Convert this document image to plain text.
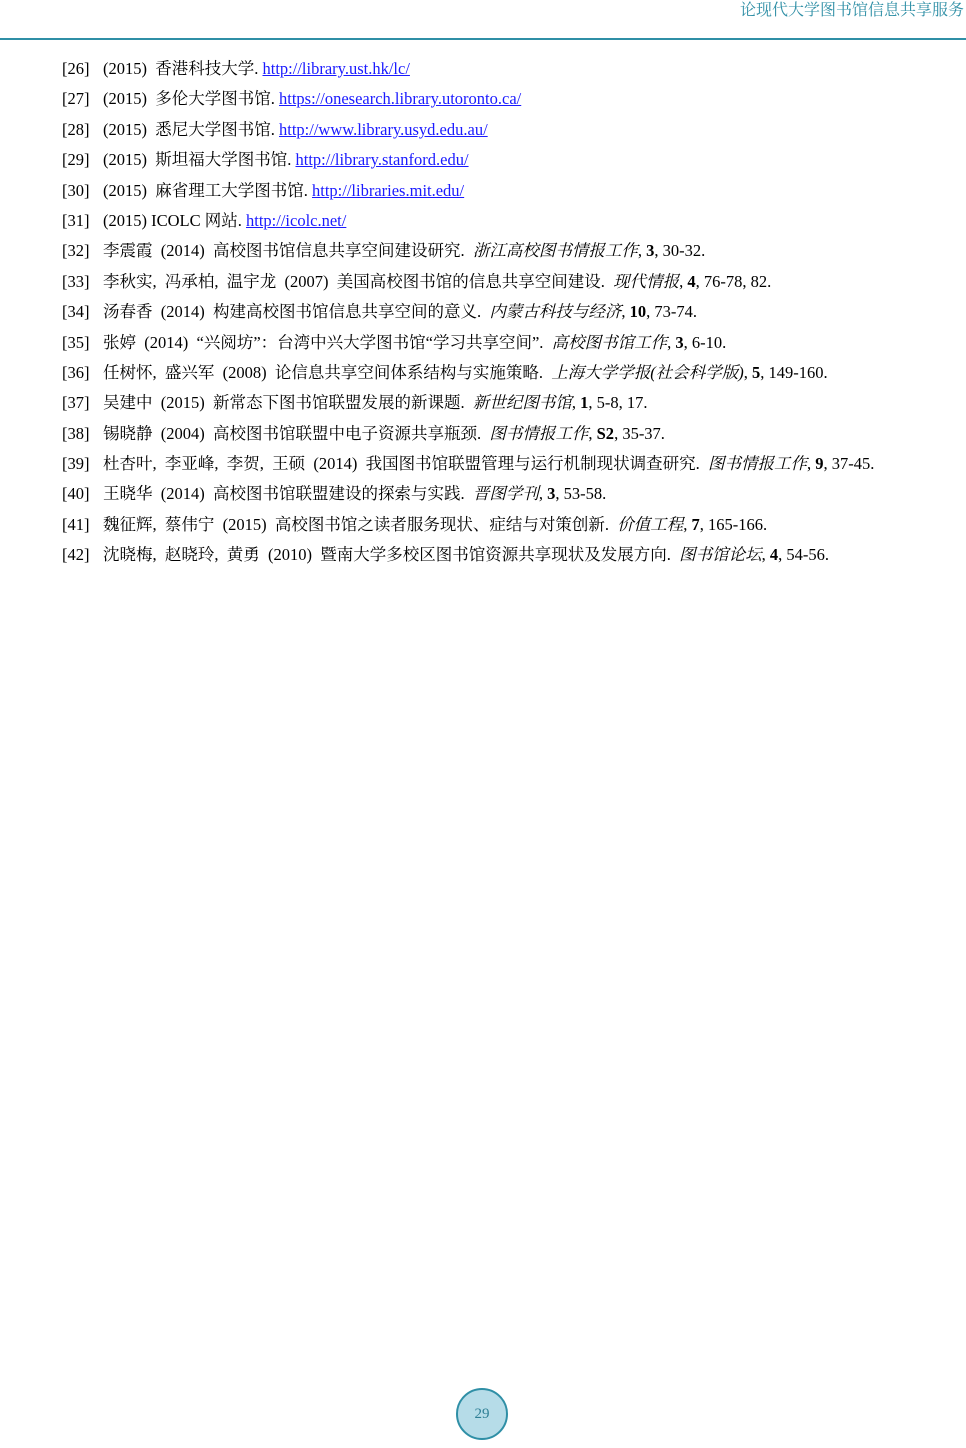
论现代大学图书馆信息共享服务
[26] (2015)  香港科技大学. http://library.ust.hk/lc/
[27] (2015)  多伦大学图书馆. https://onesearch.library.utoronto.ca/
[28] (2015)  悉尼大学图书馆. http://www.library.usyd.edu.au/
[29] (2015)  斯坦福大学图书馆. http://library.stanford.edu/
[30] (2015)  麻省理工大学图书馆. http://libraries.mit.edu/
[31] (2015) ICOLC 网站. http://icolc.net/
[32] 李震霞  (2014)  高校图书馆信息共享空间建设研究.  浙江高校图书情报工作, 3, 30-32.
[33] 李秋实,  冯承柏,  温宇龙  (2007)  美国高校图书馆的信息共享空间建设.  现代情报, 4, 76-78, 82.
[34] 汤春香  (2014)  构建高校图书馆信息共享空间的意义.  内蒙古科技与经济, 10, 73-74.
[35] 张婷  (2014)  “兴阅坊”：台湾中兴大学图书馆“学习共享空间”.  高校图书馆工作, 3, 6-10.
[36] 任树怀,  盛兴军  (2008)  论信息共享空间体系结构与实施策略.  上海大学学报(社会科学版), 5, 149-160.
[37] 吴建中  (2015)  新常态下图书馆联盟发展的新课题.  新世纪图书馆, 1, 5-8, 17.
[38] 锡晓静  (2004)  高校图书馆联盟中电子资源共享瓶颈.  图书情报工作, S2, 35-37.
[39] 杜杏叶,  李亚峰,  李贺,  王硕  (2014)  我国图书馆联盟管理与运行机制现状调查研究.  图书情报工作, 9, 37-45.
[40] 王晓华  (2014)  高校图书馆联盟建设的探索与实践.  晋图学刊, 3, 53-58.
[41] 魏征辉,  蔡伟宁  (2015)  高校图书馆之读者服务现状、症结与对策创新.  价值工程, 7, 165-166.
[42] 沈晓梅,  赵晓玲,  黄勇  (2010)  暨南大学多校区图书馆资源共享现状及发展方向.  图书馆论坛, 4, 54-56.
29
